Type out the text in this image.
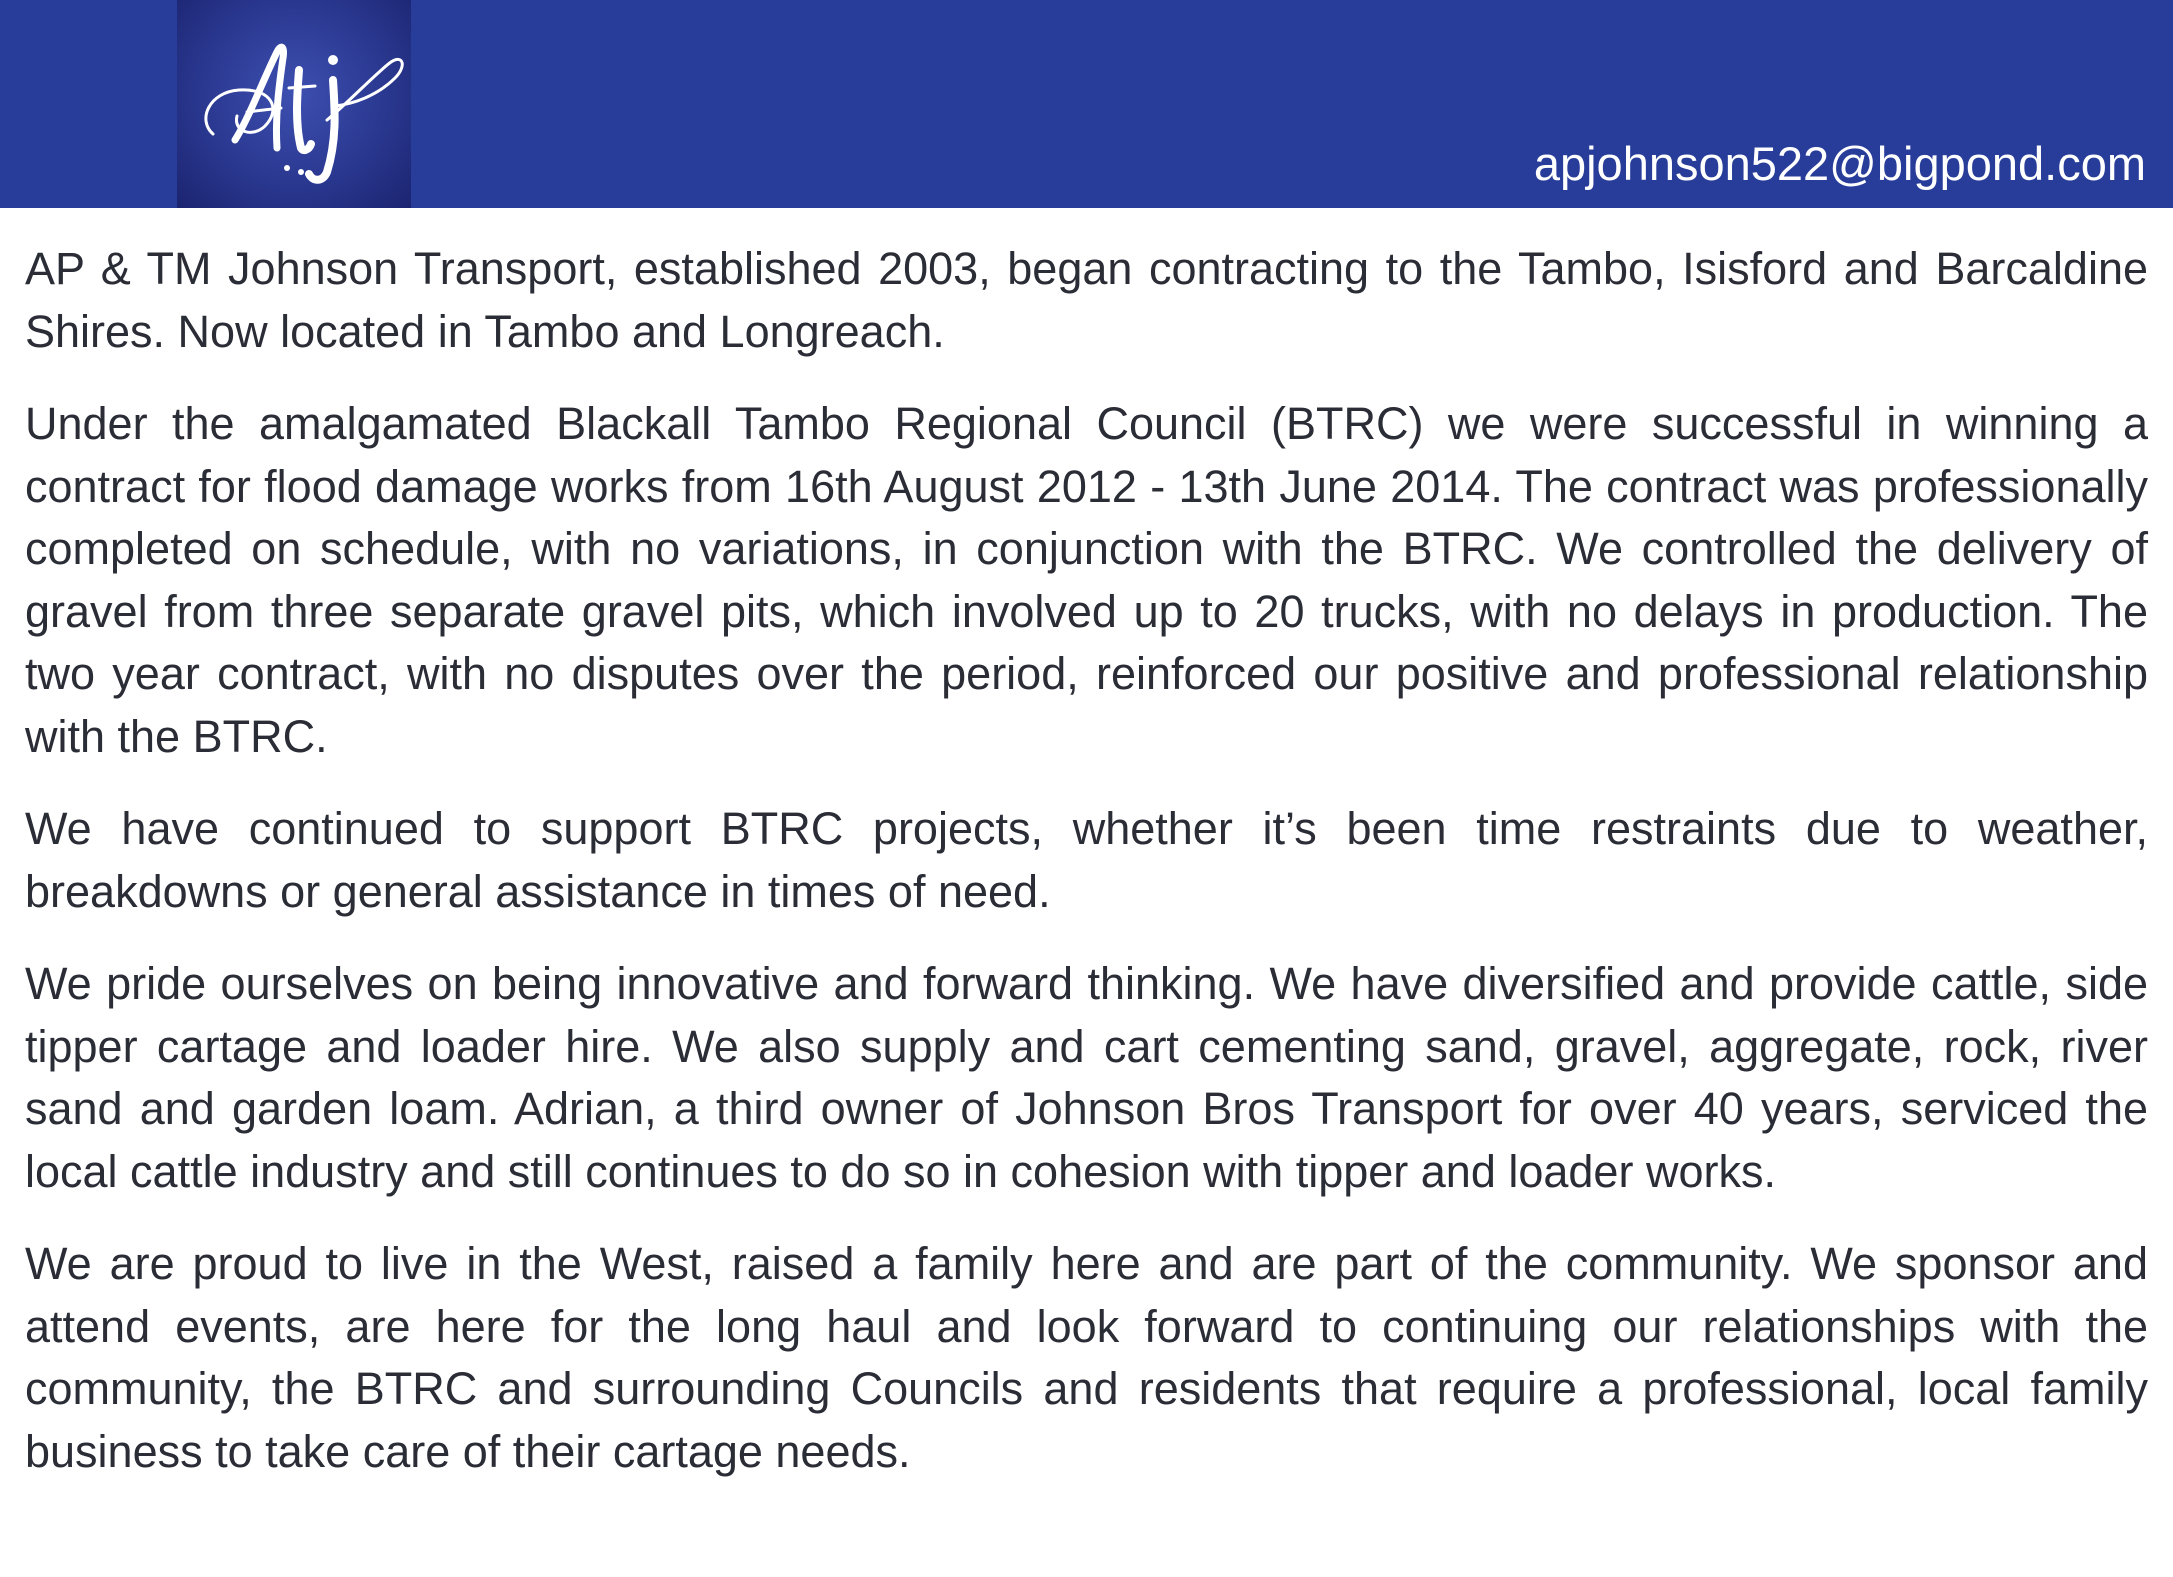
apjohnson522@bigpond.com

AP & TM Johnson Transport, established 2003, began contracting to the Tambo, Isisford and Barcaldine Shires. Now located in Tambo and Longreach.

Under the amalgamated Blackall Tambo Regional Council (BTRC) we were successful in winning a contract for flood damage works from 16th August 2012 - 13th June 2014. The contract was professionally completed on schedule, with no variations, in conjunction with the BTRC. We controlled the delivery of gravel from three separate gravel pits, which involved up to 20 trucks, with no delays in production. The two year contract, with no disputes over the period, reinforced our positive and professional relationship with the BTRC.

We have continued to support BTRC projects, whether it’s been time restraints due to weather, breakdowns or general assistance in times of need.

We pride ourselves on being innovative and forward thinking. We have diversified and provide cattle, side tipper cartage and loader hire. We also supply and cart cementing sand, gravel, aggregate, rock, river sand and garden loam. Adrian, a third owner of Johnson Bros Transport for over 40 years, serviced the local cattle industry and still continues to do so in cohesion with tipper and loader works.

We are proud to live in the West, raised a family here and are part of the community. We sponsor and attend events, are here for the long haul and look forward to continuing our relationships with the community, the BTRC and surrounding Councils and residents that require a professional, local family business to take care of their cartage needs.
